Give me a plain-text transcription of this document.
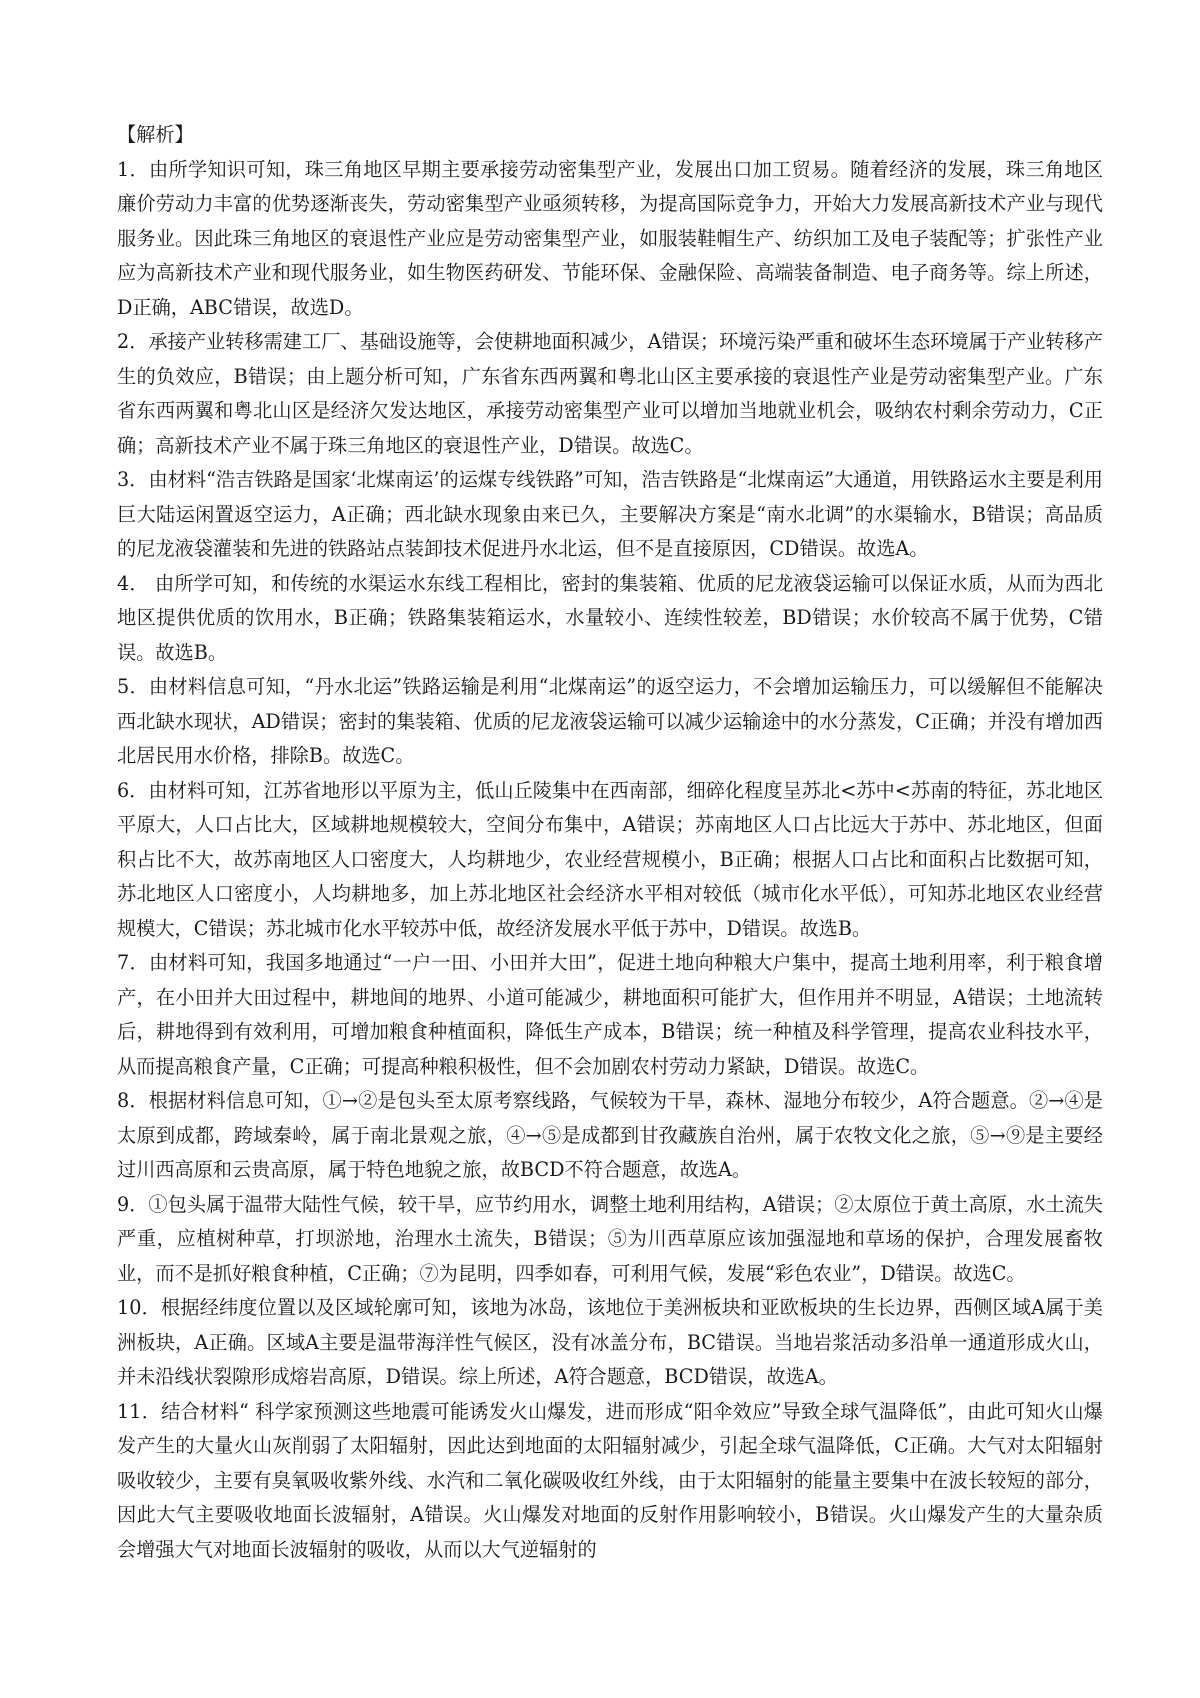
【解析】

1．由所学知识可知，珠三角地区早期主要承接劳动密集型产业，发展出口加工贸易。随着经济的发展，珠三角地区廉价劳动力丰富的优势逐渐丧失，劳动密集型产业亟须转移，为提高国际竞争力，开始大力发展高新技术产业与现代服务业。因此珠三角地区的衰退性产业应是劳动密集型产业，如服装鞋帽生产、纺织加工及电子装配等；扩张性产业应为高新技术产业和现代服务业，如生物医药研发、节能环保、金融保险、高端装备制造、电子商务等。综上所述，D正确，ABC错误，故选D。

2．承接产业转移需建工厂、基础设施等，会使耕地面积减少，A错误；环境污染严重和破坏生态环境属于产业转移产生的负效应，B错误；由上题分析可知，广东省东西两翼和粤北山区主要承接的衰退性产业是劳动密集型产业。广东省东西两翼和粤北山区是经济欠发达地区，承接劳动密集型产业可以增加当地就业机会，吸纳农村剩余劳动力，C正确；高新技术产业不属于珠三角地区的衰退性产业，D错误。故选C。

3．由材料“浩吉铁路是国家‘北煤南运’的运煤专线铁路”可知，浩吉铁路是“北煤南运”大通道，用铁路运水主要是利用巨大陆运闲置返空运力，A正确；西北缺水现象由来已久，主要解决方案是“南水北调”的水渠输水，B错误；高品质的尼龙液袋灌装和先进的铁路站点装卸技术促进丹水北运，但不是直接原因，CD错误。故选A。

4． 由所学可知，和传统的水渠运水东线工程相比，密封的集装箱、优质的尼龙液袋运输可以保证水质，从而为西北地区提供优质的饮用水，B正确；铁路集装箱运水，水量较小、连续性较差，BD错误；水价较高不属于优势，C错误。故选B。

5．由材料信息可知，“丹水北运”铁路运输是利用“北煤南运”的返空运力，不会增加运输压力，可以缓解但不能解决西北缺水现状，AD错误；密封的集装箱、优质的尼龙液袋运输可以减少运输途中的水分蒸发，C正确；并没有增加西北居民用水价格，排除B。故选C。

6．由材料可知，江苏省地形以平原为主，低山丘陵集中在西南部，细碎化程度呈苏北<苏中<苏南的特征，苏北地区平原大，人口占比大，区域耕地规模较大，空间分布集中，A错误；苏南地区人口占比远大于苏中、苏北地区，但面积占比不大，故苏南地区人口密度大，人均耕地少，农业经营规模小，B正确；根据人口占比和面积占比数据可知，苏北地区人口密度小，人均耕地多，加上苏北地区社会经济水平相对较低（城市化水平低），可知苏北地区农业经营规模大，C错误；苏北城市化水平较苏中低，故经济发展水平低于苏中，D错误。故选B。

7．由材料可知，我国多地通过“一户一田、小田并大田”，促进土地向种粮大户集中，提高土地利用率，利于粮食增产，在小田并大田过程中，耕地间的地界、小道可能减少，耕地面积可能扩大，但作用并不明显，A错误；土地流转后，耕地得到有效利用，可增加粮食种植面积，降低生产成本，B错误；统一种植及科学管理，提高农业科技水平，从而提高粮食产量，C正确；可提高种粮积极性，但不会加剧农村劳动力紧缺，D错误。故选C。

8．根据材料信息可知，①→②是包头至太原考察线路，气候较为干旱，森林、湿地分布较少，A符合题意。②→④是太原到成都，跨域秦岭，属于南北景观之旅，④→⑤是成都到甘孜藏族自治州，属于农牧文化之旅，⑤→⑨是主要经过川西高原和云贵高原，属于特色地貌之旅，故BCD不符合题意，故选A。

9．①包头属于温带大陆性气候，较干旱，应节约用水，调整土地利用结构，A错误；②太原位于黄土高原，水土流失严重，应植树种草，打坝淤地，治理水土流失，B错误；⑤为川西草原应该加强湿地和草场的保护，合理发展畜牧业，而不是抓好粮食种植，C正确；⑦为昆明，四季如春，可利用气候，发展“彩色农业”，D错误。故选C。

10．根据经纬度位置以及区域轮廓可知，该地为冰岛，该地位于美洲板块和亚欧板块的生长边界，西侧区域A属于美洲板块，A正确。区域A主要是温带海洋性气候区，没有冰盖分布，BC错误。当地岩浆活动多沿单一通道形成火山，并未沿线状裂隙形成熔岩高原，D错误。综上所述，A符合题意，BCD错误，故选A。

11．结合材料“ 科学家预测这些地震可能诱发火山爆发，进而形成“阳伞效应”导致全球气温降低”，由此可知火山爆发产生的大量火山灰削弱了太阳辐射，因此达到地面的太阳辐射减少，引起全球气温降低，C正确。大气对太阳辐射吸收较少，主要有臭氧吸收紫外线、水汽和二氧化碳吸收红外线，由于太阳辐射的能量主要集中在波长较短的部分，因此大气主要吸收地面长波辐射，A错误。火山爆发对地面的反射作用影响较小，B错误。火山爆发产生的大量杂质会增强大气对地面长波辐射的吸收，从而以大气逆辐射的
